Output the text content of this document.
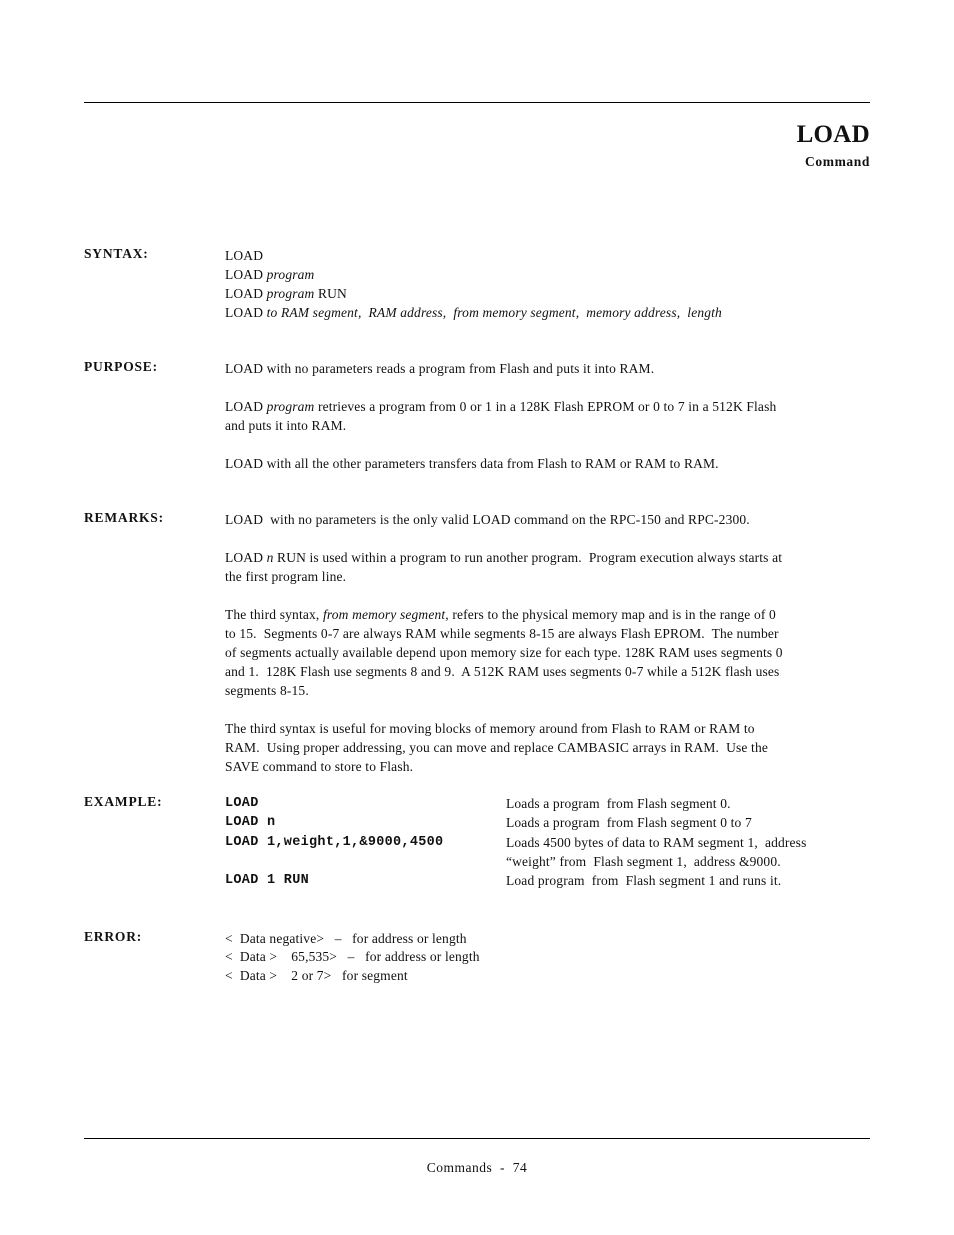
LOAD
Command
SYNTAX:	LOAD
LOAD program
LOAD program RUN
LOAD to RAM segment,  RAM address,  from memory segment,  memory address,  length
PURPOSE:	LOAD with no parameters reads a program from Flash and puts it into RAM.
LOAD program retrieves a program from 0 or 1 in a 128K Flash EPROM or 0 to 7 in a 512K Flash
and puts it into RAM.
LOAD with all the other parameters transfers data from Flash to RAM or RAM to RAM.
REMARKS:	LOAD  with no parameters is the only valid LOAD command on the RPC-150 and RPC-2300.
LOAD n RUN is used within a program to run another program.  Program execution always starts at
the first program line.
The third syntax, from memory segment, refers to the physical memory map and is in the range of 0
to 15.  Segments 0-7 are always RAM while segments 8-15 are always Flash EPROM.  The number
of segments actually available depend upon memory size for each type. 128K RAM uses segments 0
and 1.  128K Flash use segments 8 and 9.  A 512K RAM uses segments 0-7 while a 512K flash uses
segments 8-15.
The third syntax is useful for moving blocks of memory around from Flash to RAM or RAM to
RAM.  Using proper addressing, you can move and replace CAMBASIC arrays in RAM.  Use the
SAVE command to store to Flash.
EXAMPLE:	LOAD	Loads a program  from Flash segment 0.
LOAD n	Loads a program  from Flash segment 0 to 7
LOAD 1,weight,1,&9000,4500	Loads 4500 bytes of data to RAM segment 1,  address
“weight” from  Flash segment 1,  address &9000.
LOAD 1 RUN	Load program  from  Flash segment 1 and runs it.
ERROR:	<  Data negative>   –   for address or length
<  Data >    65,535>   –   for address or length
<  Data >    2 or 7>   for segment
Commands  -  74
